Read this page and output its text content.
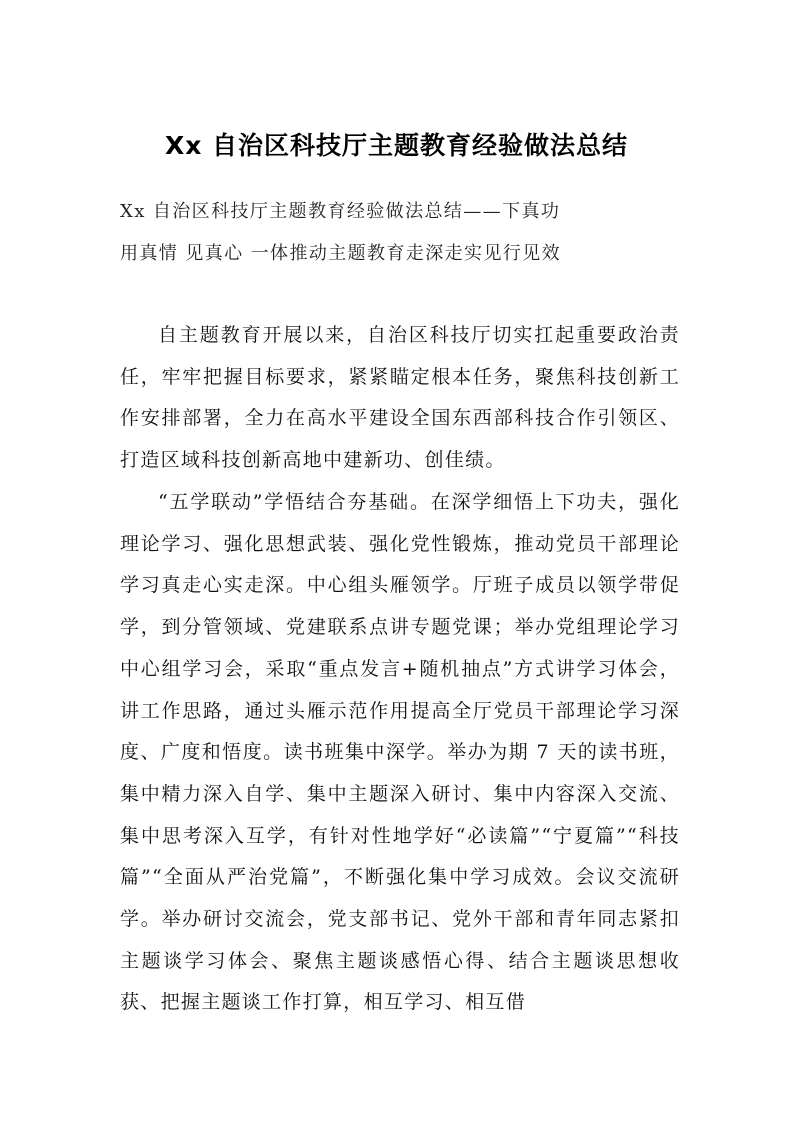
Xx 自治区科技厅主题教育经验做法总结

Xx 自治区科技厅主题教育经验做法总结——下真功

用真情 见真心 一体推动主题教育走深走实见行见效

自主题教育开展以来，自治区科技厅切实扛起重要政治责任，牢牢把握目标要求，紧紧瞄定根本任务，聚焦科技创新工作安排部署，全力在高水平建设全国东西部科技合作引领区、打造区域科技创新高地中建新功、创佳绩。

“五学联动”学悟结合夯基础。在深学细悟上下功夫，强化理论学习、强化思想武装、强化党性锻炼，推动党员干部理论学习真走心实走深。中心组头雁领学。厅班子成员以领学带促学，到分管领域、党建联系点讲专题党课；举办党组理论学习中心组学习会，采取“重点发言+随机抽点”方式讲学习体会，讲工作思路，通过头雁示范作用提高全厅党员干部理论学习深度、广度和悟度。读书班集中深学。举办为期 7 天的读书班，集中精力深入自学、集中主题深入研讨、集中内容深入交流、集中思考深入互学，有针对性地学好“必读篇”“宁夏篇”“科技篇”“全面从严治党篇”，不断强化集中学习成效。会议交流研学。举办研讨交流会，党支部书记、党外干部和青年同志紧扣主题谈学习体会、聚焦主题谈感悟心得、结合主题谈思想收获、把握主题谈工作打算，相互学习、相互借
